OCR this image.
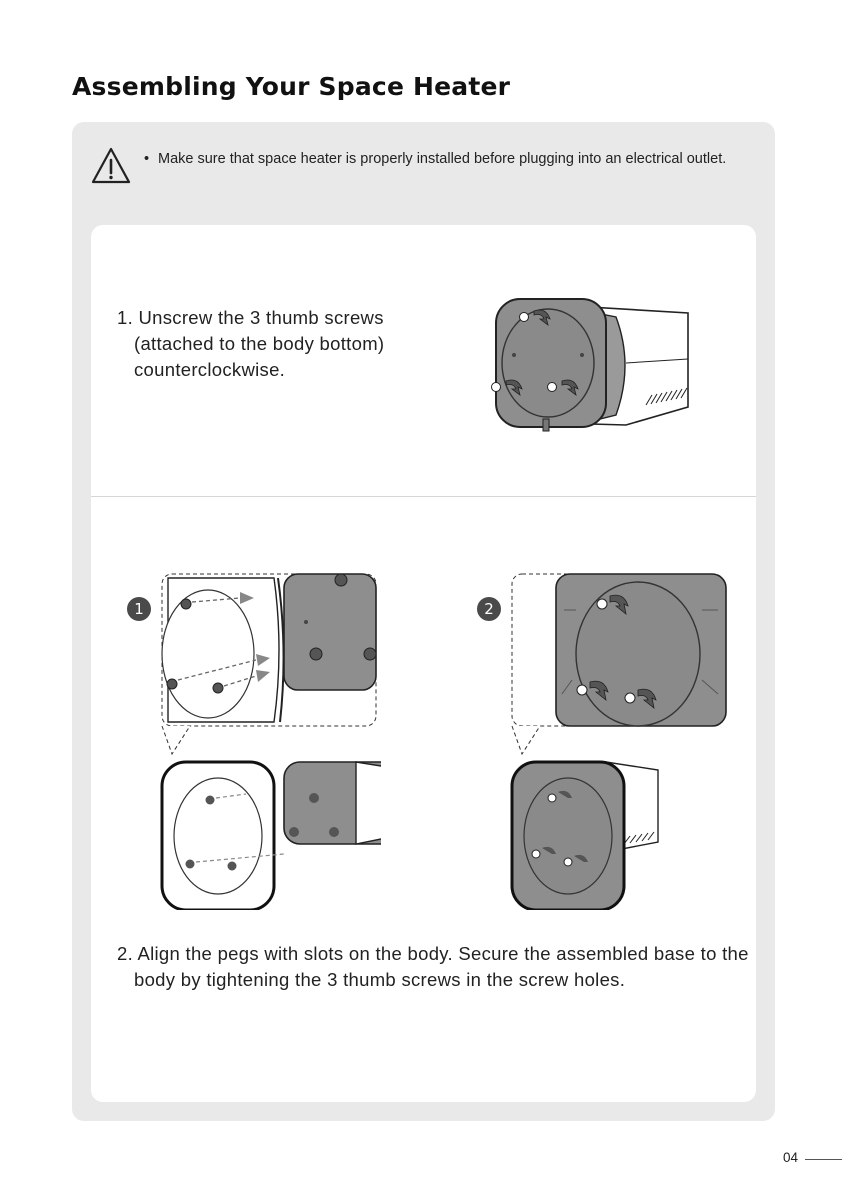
Assembling Your Space Heater
• Make sure that space heater is properly installed before plugging into an electrical outlet.

1. Unscrew the 3 thumb screws (attached to the body bottom) counterclockwise.

1	2

2. Align the pegs with slots on the body. Secure the assembled base to the body by tightening the 3 thumb screws in the screw holes.

04
